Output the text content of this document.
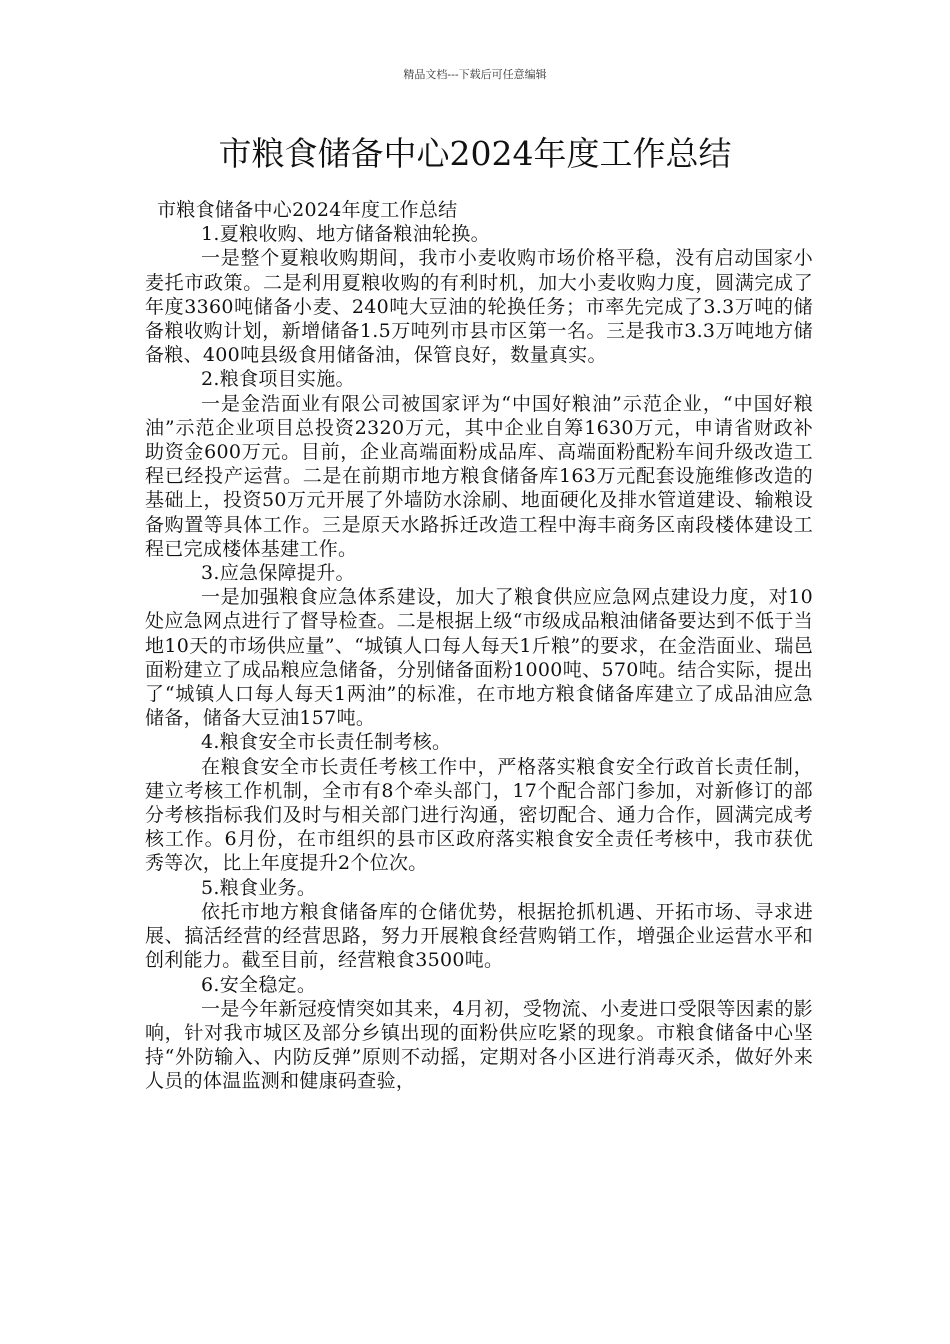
精品文档---下载后可任意编辑
市粮食储备中心2024年度工作总结

市粮食储备中心2024年度工作总结

1.夏粮收购、地方储备粮油轮换。

一是整个夏粮收购期间，我市小麦收购市场价格平稳，没有启动国家小麦托市政策。二是利用夏粮收购的有利时机，加大小麦收购力度，圆满完成了年度3360吨储备小麦、240吨大豆油的轮换任务；市率先完成了3.3万吨的储备粮收购计划，新增储备1.5万吨列市县市区第一名。三是我市3.3万吨地方储备粮、400吨县级食用储备油，保管良好，数量真实。

2.粮食项目实施。

一是金浩面业有限公司被国家评为“中国好粮油”示范企业，“中国好粮油”示范企业项目总投资2320万元，其中企业自筹1630万元，申请省财政补助资金600万元。目前，企业高端面粉成品库、高端面粉配粉车间升级改造工程已经投产运营。二是在前期市地方粮食储备库163万元配套设施维修改造的基础上，投资50万元开展了外墙防水涂刷、地面硬化及排水管道建设、输粮设备购置等具体工作。三是原天水路拆迁改造工程中海丰商务区南段楼体建设工程已完成楼体基建工作。

3.应急保障提升。

一是加强粮食应急体系建设，加大了粮食供应应急网点建设力度，对10处应急网点进行了督导检查。二是根据上级“市级成品粮油储备要达到不低于当地10天的市场供应量”、“城镇人口每人每天1斤粮”的要求，在金浩面业、瑞邑面粉建立了成品粮应急储备，分别储备面粉1000吨、570吨。结合实际，提出了“城镇人口每人每天1两油”的标准，在市地方粮食储备库建立了成品油应急储备，储备大豆油157吨。

4.粮食安全市长责任制考核。

在粮食安全市长责任考核工作中，严格落实粮食安全行政首长责任制，建立考核工作机制，全市有8个牵头部门，17个配合部门参加，对新修订的部分考核指标我们及时与相关部门进行沟通，密切配合、通力合作，圆满完成考核工作。6月份，在市组织的县市区政府落实粮食安全责任考核中，我市获优秀等次，比上年度提升2个位次。

5.粮食业务。

依托市地方粮食储备库的仓储优势，根据抢抓机遇、开拓市场、寻求进展、搞活经营的经营思路，努力开展粮食经营购销工作，增强企业运营水平和创利能力。截至目前，经营粮食3500吨。

6.安全稳定。

一是今年新冠疫情突如其来，4月初，受物流、小麦进口受限等因素的影响，针对我市城区及部分乡镇出现的面粉供应吃紧的现象。市粮食储备中心坚持“外防输入、内防反弹”原则不动摇，定期对各小区进行消毒灭杀，做好外来人员的体温监测和健康码查验，
